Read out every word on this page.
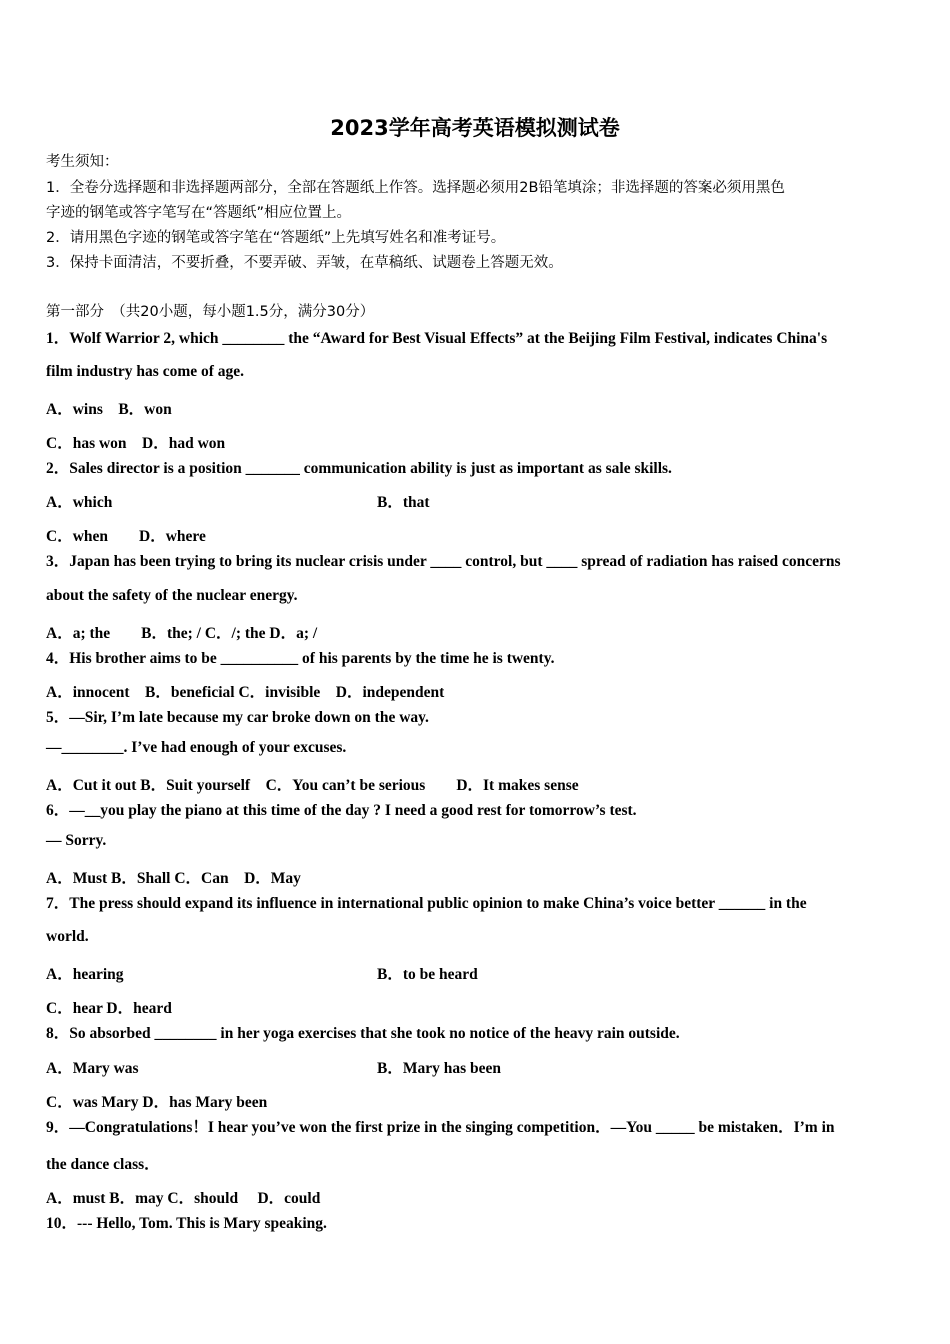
2023学年高考英语模拟测试卷
考生须知：
1．全卷分选择题和非选择题两部分，全部在答题纸上作答。选择题必须用2B铅笔填涂；非选择题的答案必须用黑色
字迹的钢笔或答字笔写在“答题纸”相应位置上。
2．请用黑色字迹的钢笔或答字笔在“答题纸”上先填写姓名和准考证号。
3．保持卡面清洁，不要折叠，不要弄破、弄皱，在草稿纸、试题卷上答题无效。
第一部分　（共20小题，每小题1.5分，满分30分）
1．Wolf Warrior 2, which ________ the “Award for Best Visual Effects” at the Beijing Film Festival, indicates China's
film industry has come of age.
A．wins　B．won
C．has won　D．had won
2．Sales director is a position _______ communication ability is just as important as sale skills.
A．which	B．that
C．when　　D．where
3．Japan has been trying to bring its nuclear crisis under ____ control, but ____ spread of radiation has raised concerns
about the safety of the nuclear energy.
A．a; the　　B．the; / C．/; the D．a; /
4．His brother aims to be __________ of his parents by the time he is twenty.
A．innocent　B．beneficial C．invisible　D．independent
5．—Sir, I’m late because my car broke down on the way.
—________. I’ve had enough of your excuses.
A．Cut it out B．Suit yourself　C．You can’t be serious　　D．It makes sense
6．—__you play the piano at this time of the day ? I need a good rest for tomorrow’s test.
— Sorry.
A．Must B．Shall C．Can　D．May
7．The press should expand its influence in international public opinion to make China’s voice better ______ in the
world.
A．hearing	B．to be heard
C．hear D．heard
8．So absorbed ________ in her yoga exercises that she took no notice of the heavy rain outside.
A．Mary was	B．Mary has been
C．was Mary D．has Mary been
9．—Congratulations！I hear you’ve won the first prize in the singing competition．—You _____ be mistaken．I’m in
the dance class．
A．must B．may C．should　 D．could
10．--- Hello, Tom. This is Mary speaking.
